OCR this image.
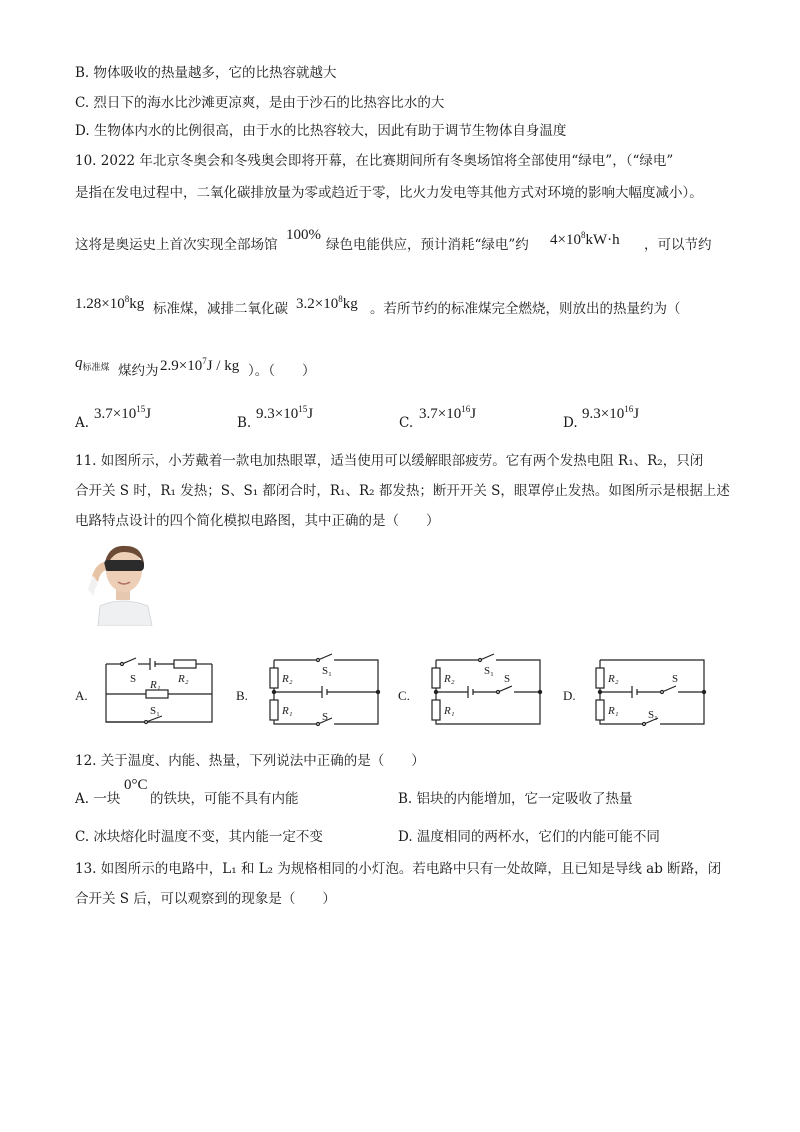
B. 物体吸收的热量越多，它的比热容就越大
C. 烈日下的海水比沙滩更凉爽，是由于沙石的比热容比水的大
D. 生物体内水的比例很高，由于水的比热容较大，因此有助于调节生物体自身温度
10. 2022 年北京冬奥会和冬残奥会即将开幕，在比赛期间所有冬奥场馆将全部使用“绿电”，（“绿电”
是指在发电过程中，二氧化碳排放量为零或趋近于零，比火力发电等其他方式对环境的影响大幅度减小）。
这将是奥运史上首次实现全部场馆
100%
绿色电能供应，预计消耗“绿电”约 $4\times 10^8kW\cdot h$ ，可以节约
$1.28\times 10^8kg$ 标准煤，减排二氧化碳 $3.2\times 10^8kg$ 。若所节约的标准煤完全燃烧，则放出的热量约为（
$q_{标准煤}$ 煤约为 $2.9\times 10^7J$ / kg ）。（　　）
A.
$3.7\times 10^{15}J$
B.
$9.3\times 10^{15}J$
C.
$3.7\times 10^{16}J$
D.
$9.3\times 10^{16}J$
11. 如图所示，小芳戴着一款电加热眼罩，适当使用可以缓解眼部疲劳。它有两个发热电阻 R₁、R₂，只闭
合开关 S 时，R₁ 发热；S、S₁ 都闭合时，R₁、R₂ 都发热；断开开关 S，眼罩停止发热。如图所示是根据上述
电路特点设计的四个简化模拟电路图，其中正确的是（　　）
A.
S	R₂
R₁
S₁
B.
R₂
S₁
R₁	S
C.
R₂
S₁
S
R₁
D.
R₂	S
R₁	S₁
12. 关于温度、内能、热量，下列说法中正确的是（　　）
A. 一块
0°C
的铁块，可能不具有内能	B. 铝块的内能增加，它一定吸收了热量
C. 冰块熔化时温度不变，其内能一定不变	D. 温度相同的两杯水，它们的内能可能不同
13. 如图所示的电路中，L₁ 和 L₂ 为规格相同的小灯泡。若电路中只有一处故障，且已知是导线 ab 断路，闭
合开关 S 后，可以观察到的现象是（　　）
